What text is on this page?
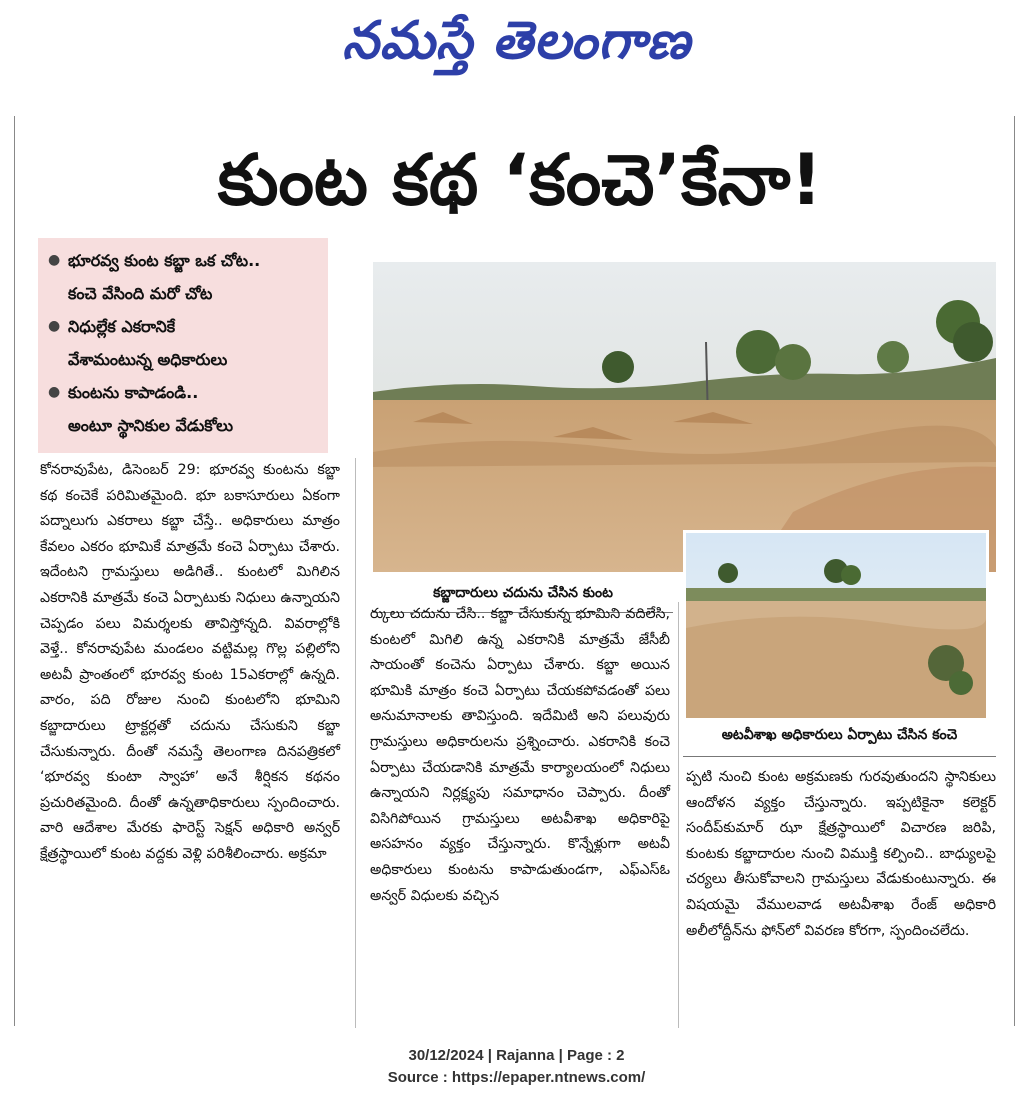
నమస్తే తెలంగాణ
కుంట కథ ‘కంచె’కేనా!
● భూరవ్వ కుంట కబ్జా ఒక చోట..
కంచె వేసింది మరో చోట
● నిధుల్లేక ఎకరానికే
వేశామంటున్న అధికారులు
● కుంటను కాపాడండి..
అంటూ స్థానికుల వేడుకోలు

కోనరావుపేట, డిసెంబర్ 29: భూరవ్వ కుంటను కబ్జా కథ కంచెకే పరిమితమైంది. భూ బకాసూరులు ఏకంగా పద్నాలుగు ఎకరాలు కబ్జా చేస్తే.. అధికారులు మాత్రం కేవలం ఎకరం భూమికే మాత్రమే కంచె ఏర్పాటు చేశారు. ఇదేంటని గ్రామస్తులు అడిగితే.. కుంటలో మిగిలిన ఎకరానికి మాత్రమే కంచె ఏర్పాటుకు నిధులు ఉన్నాయని చెప్పడం పలు విమర్శలకు తావిస్తోన్నది. వివరాల్లోకి వెళ్తే.. కోనరావుపేట మండలం వట్టిమల్ల గొల్ల పల్లిలోని అటవీ ప్రాంతంలో భూరవ్వ కుంట 15ఎకరాల్లో ఉన్నది. వారం, పది రోజుల నుంచి కుంటలోని భూమిని కబ్జాదారులు ట్రాక్టర్లతో చదును చేసుకుని కబ్జా చేసుకున్నారు. దీంతో నమస్తే తెలంగాణ దినపత్రికలో ‘భూరవ్వ కుంటా స్వాహా’ అనే శీర్షికన కథనం ప్రచురితమైంది. దీంతో ఉన్నతాధికారులు స్పందించారు. వారి ఆదేశాల మేరకు ఫారెస్ట్ సెక్షన్ అధికారి అన్వర్ క్షేత్రస్థాయిలో కుంట వద్దకు వెళ్లి పరిశీలించారు. అక్రమా

కబ్జాదారులు చదును చేసిన కుంట
అటవీశాఖ అధికారులు ఏర్పాటు చేసిన కంచె

ర్కులు చదును చేసి.. కబ్జా చేసుకున్న భూమిని వదిలేసి, కుంటలో మిగిలి ఉన్న ఎకరానికి మాత్రమే జేసీబీ సాయంతో కంచెను ఏర్పాటు చేశారు. కబ్జా అయిన భూమికి మాత్రం కంచె ఏర్పాటు చేయకపోవడంతో పలు అనుమానాలకు తావిస్తుంది. ఇదేమిటి అని పలువురు గ్రామస్తులు అధికారులను ప్రశ్నించారు. ఎకరానికి కంచె ఏర్పాటు చేయడానికి మాత్రమే కార్యాలయంలో నిధులు ఉన్నాయని నిర్లక్ష్యపు సమాధానం చెప్పారు. దీంతో విసిగిపోయిన గ్రామస్తులు అటవీశాఖ అధికారిపై అసహనం వ్యక్తం చేస్తున్నారు. కొన్నేళ్లుగా అటవీ అధికారులు కుంటను కాపాడుతుండగా, ఎఫ్ఎస్ఓ అన్వర్ విధులకు వచ్చిన

ప్పటి నుంచి కుంట అక్రమణకు గురవుతుందని స్థానికులు ఆందోళన వ్యక్తం చేస్తున్నారు. ఇప్పటికైనా కలెక్టర్ సందీప్‌కుమార్ ఝా క్షేత్రస్థాయిలో విచారణ జరిపి, కుంటకు కబ్జాదారుల నుంచి విముక్తి కల్పించి.. బాధ్యులపై చర్యలు తీసుకోవాలని గ్రామస్తులు వేడుకుంటున్నారు. ఈ విషయమై వేములవాడ అటవీశాఖ రేంజ్ అధికారి అలీలోద్దీన్‌ను ఫోన్‌లో వివరణ కోరగా, స్పందించలేదు.

30/12/2024 | Rajanna | Page : 2
Source : https://epaper.ntnews.com/
